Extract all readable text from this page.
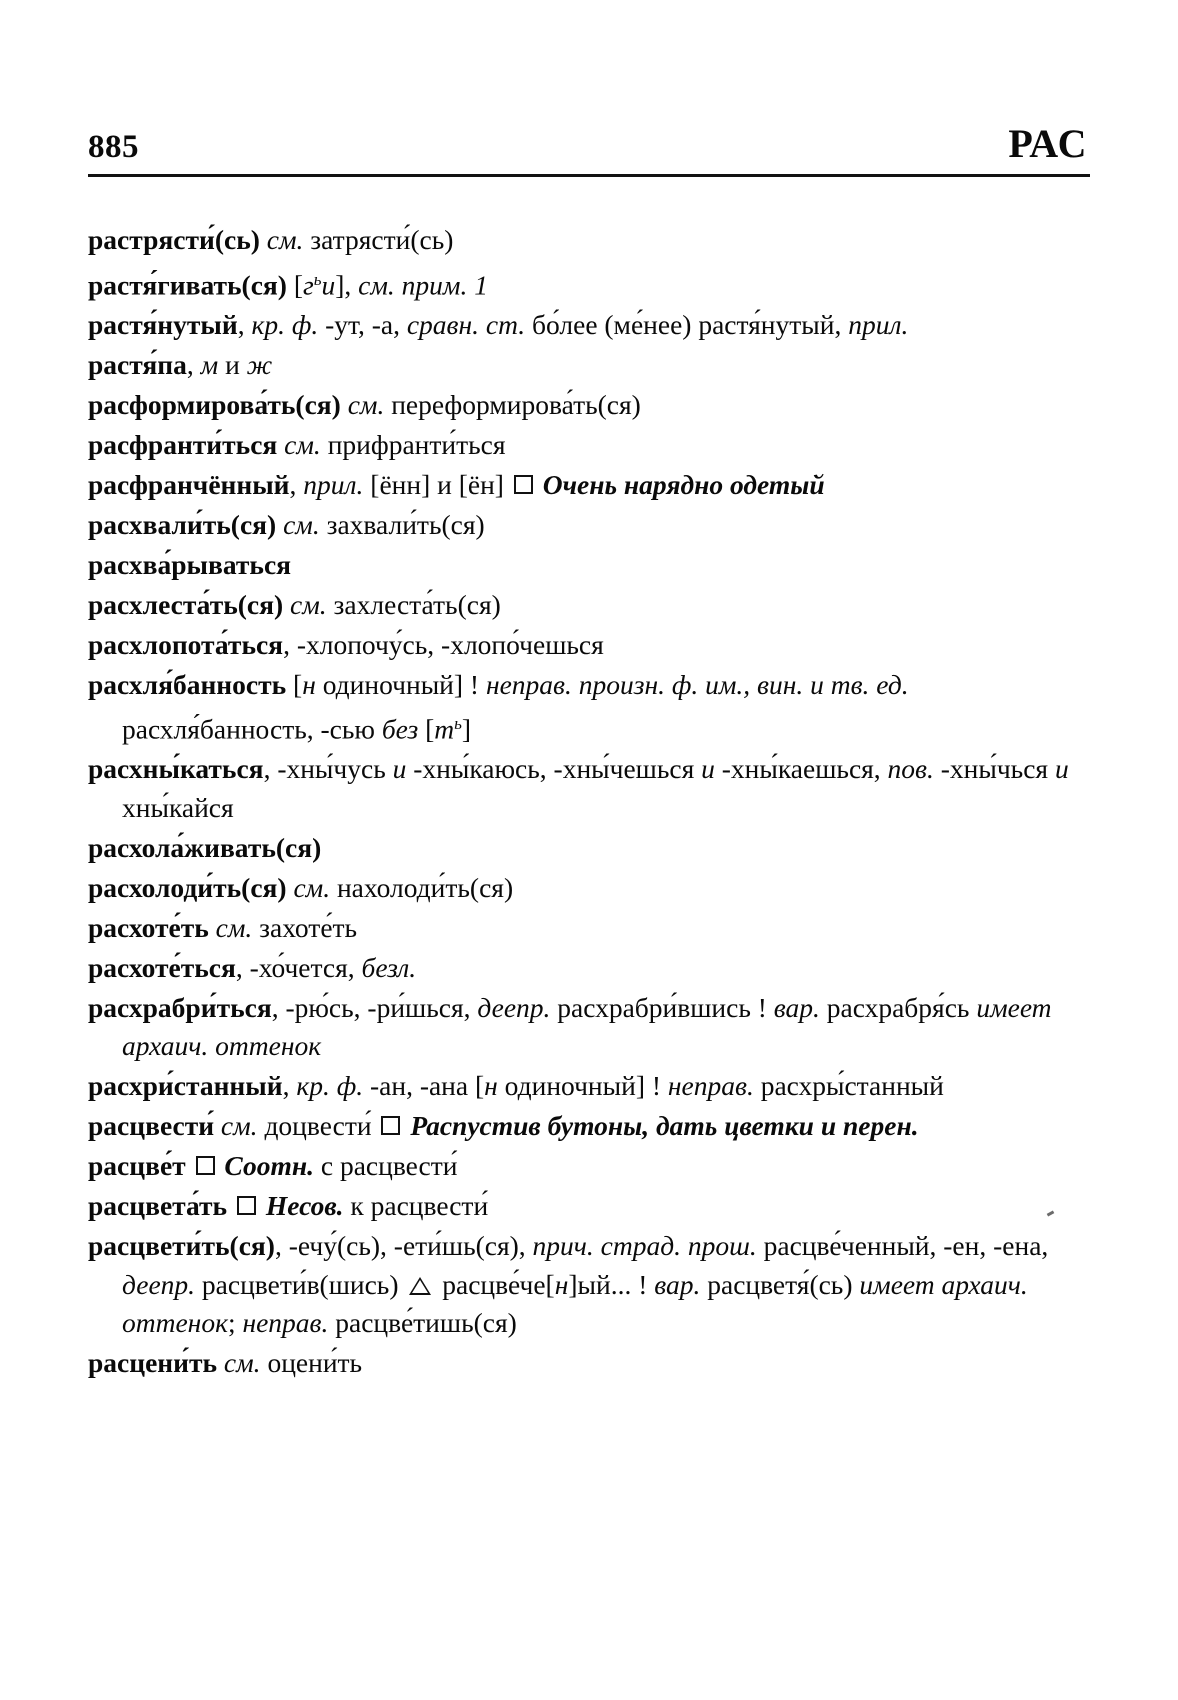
885	РАС
растрясти́(сь) см. затрясти́(сь)
растя́гивать(ся) $[г^ьи]$, см. прим. 1
растя́нутый, кр. ф. -ут, -а, сравн. ст. бо́лее (ме́нее) растя́нутый, прил.
растя́па, м и ж
расформирова́ть(ся) см. переформирова́ть(ся)
расфранти́ться см. прифранти́ться
расфранчённый, прил. [ённ] и [ён]  Очень нарядно одетый
расхвали́ть(ся) см. захвали́ть(ся)
расхва́рываться
расхлеста́ть(ся) см. захлеста́ть(ся)
расхлопота́ться, -хлопочу́сь, -хлопо́чешься
расхля́банность [н одиночный] ! неправ. произн. ф. им., вин. и тв. ед. расхля́банность, -сью без $[т^ь]$
расхны́каться, -хны́чусь и -хны́каюсь, -хны́чешься и -хны́каешься, пов. -хны́чься и хны́кайся
расхола́живать(ся)
расхолоди́ть(ся) см. нахолоди́ть(ся)
расхоте́ть см. захоте́ть
расхоте́ться, -хо́чется, безл.
расхрабри́ться, -рю́сь, -ри́шься, деепр. расхрабри́вшись ! вар. расхрабря́сь имеет архаич. оттенок
расхри́станный, кр. ф. -ан, -ана [н одиночный] ! неправ. расхры́станный
расцвести́ см. доцвести́  Распустив бутоны, дать цветки и перен.
расцве́т  Соотн. с расцвести́
расцвета́ть  Несов. к расцвести́
расцвети́ть(ся), -ечу́(сь), -ети́шь(ся), прич. страд. прош. расцве́ченный, -ен, -ена, деепр. расцвети́в(шись)  расцве́че[н]ый... ! вар. расцветя́(сь) имеет архаич. оттенок; неправ. расцве́тишь(ся)
расцени́ть см. оцени́ть
